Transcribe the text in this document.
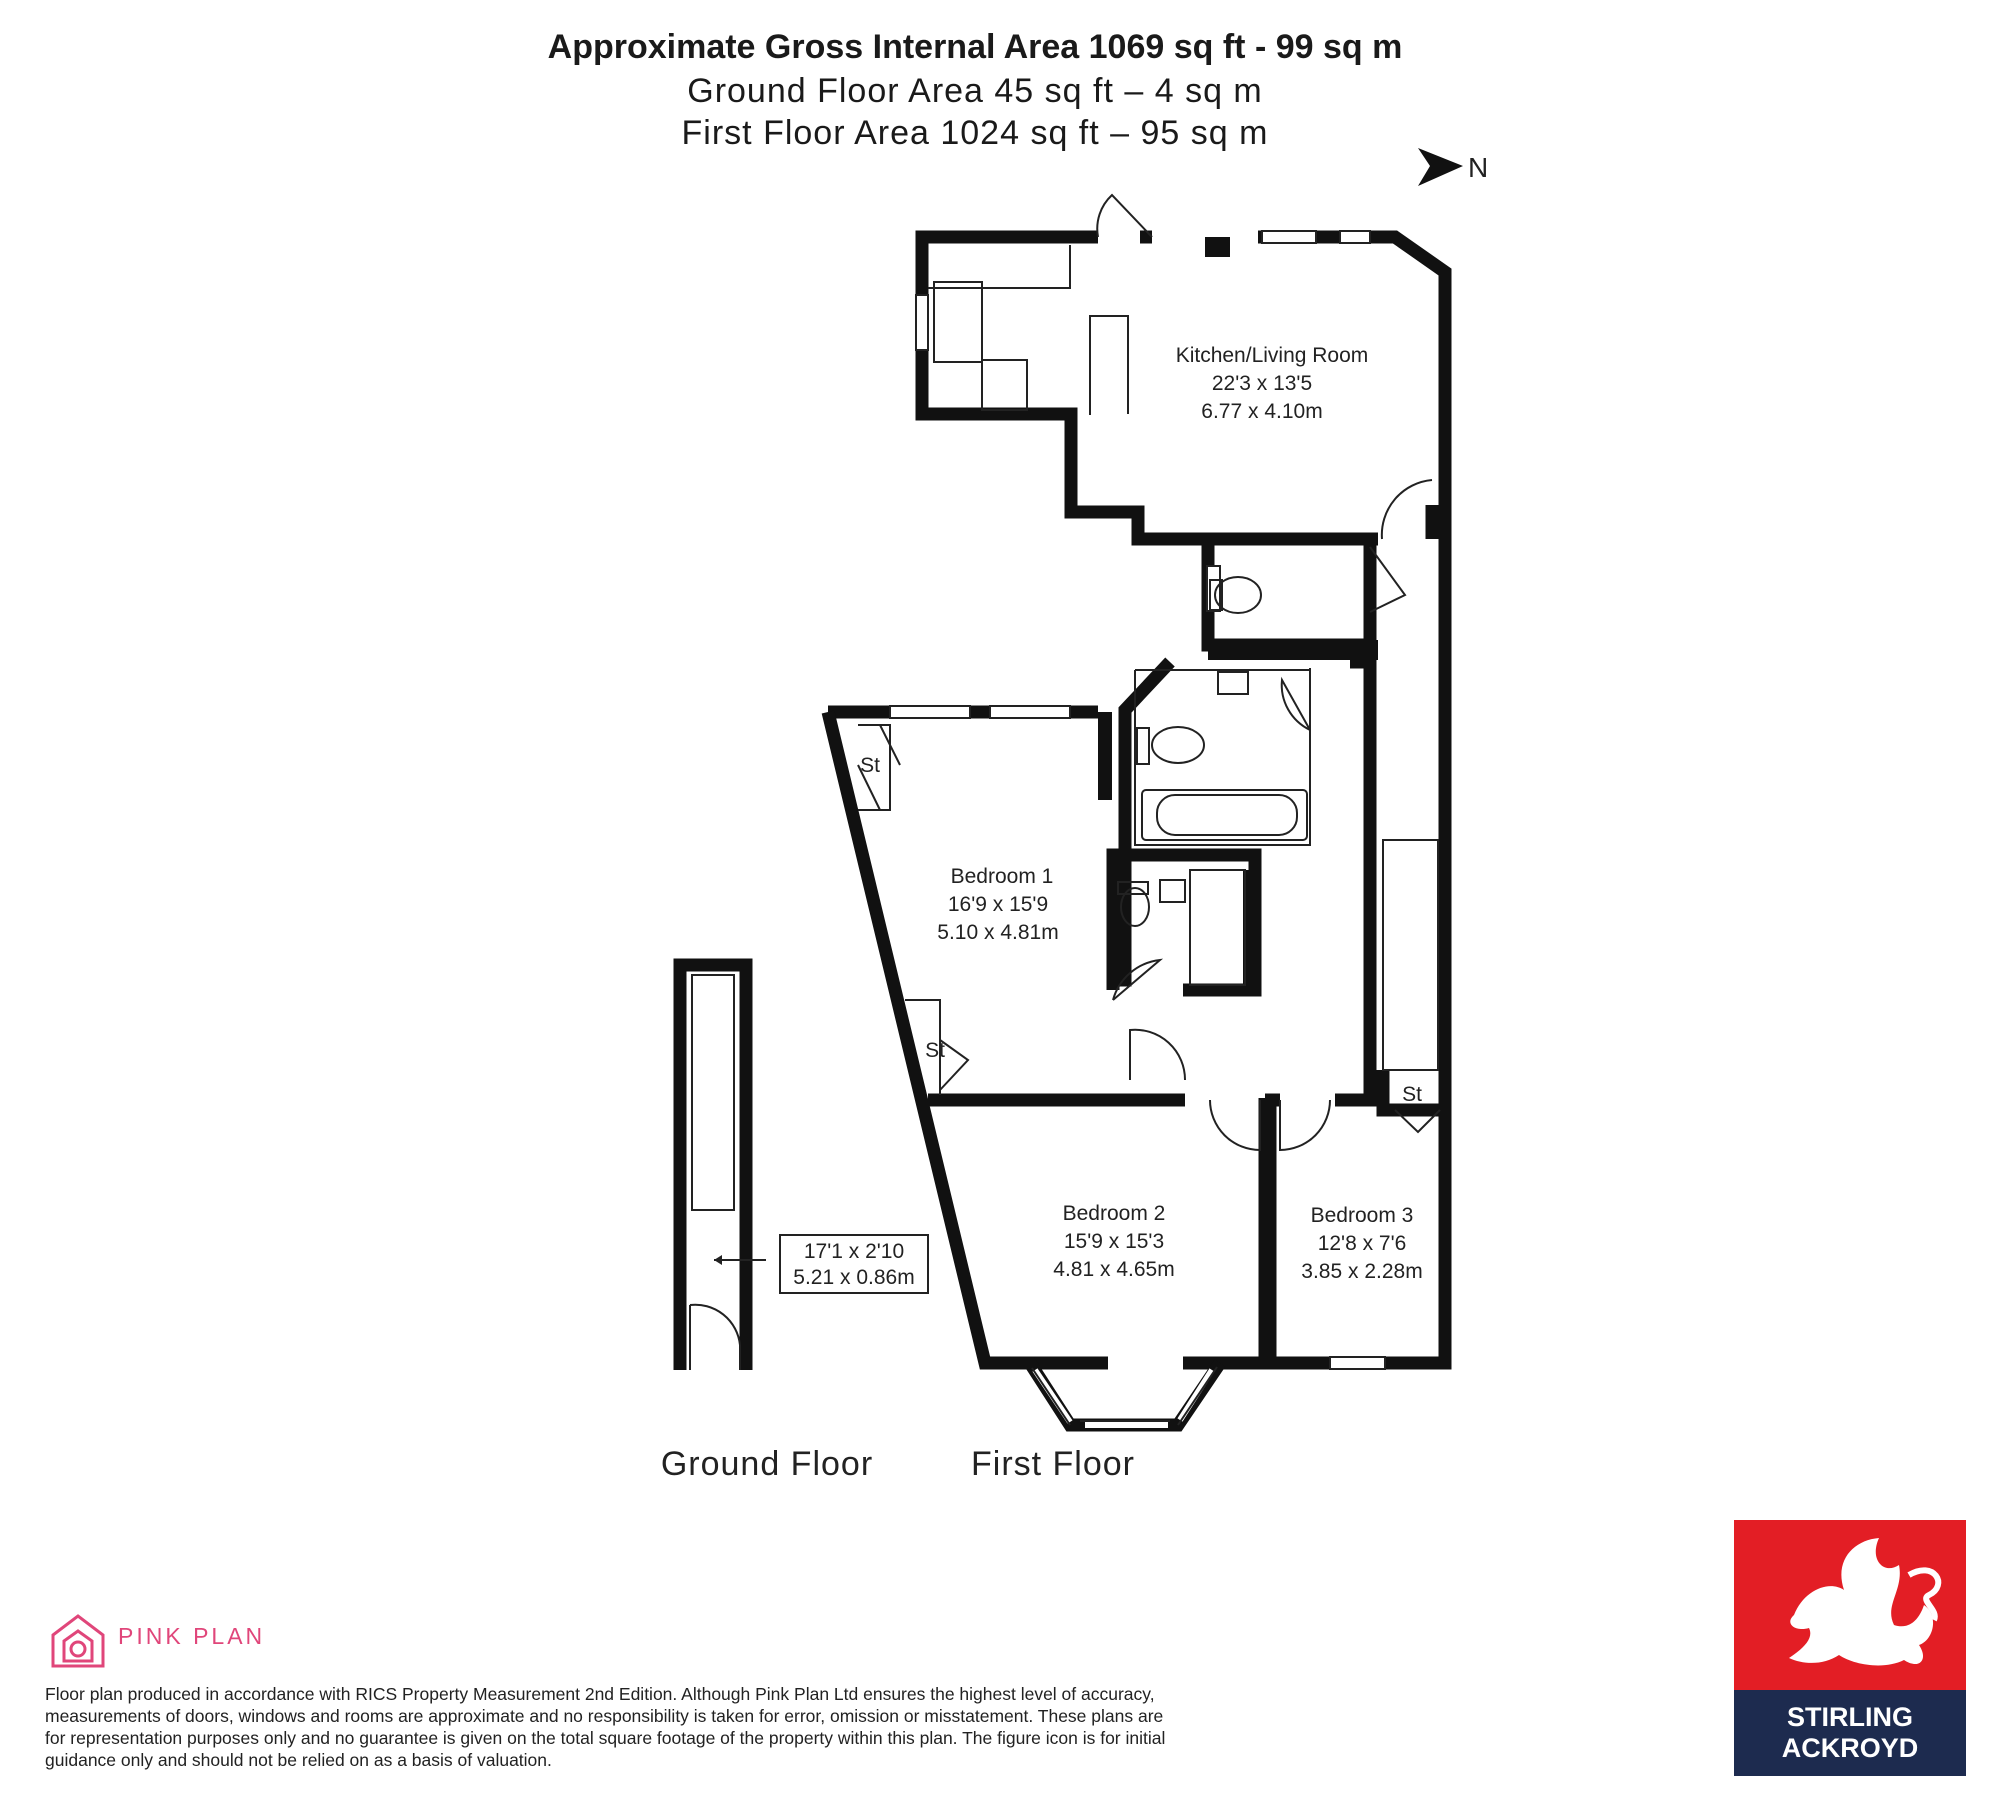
Approximate Gross Internal Area 1069 sq ft - 99 sq m
Ground Floor Area 45 sq ft – 4 sq m
First Floor Area 1024 sq ft – 95 sq m
N
Kitchen/Living Room
22'3 x 13'5
6.77 x 4.10m
Bedroom 1
16'9 x 15'9
5.10 x 4.81m
Bedroom 2
15'9 x 15'3
4.81 x 4.65m
Bedroom 3
12'8 x 7'6
3.85 x 2.28m
17'1 x 2'10
5.21 x 0.86m
St
St
St
Ground Floor	First Floor
PINK PLAN
Floor plan produced in accordance with RICS Property Measurement 2nd Edition. Although Pink Plan Ltd ensures the highest level of accuracy, measurements of doors, windows and rooms are approximate and no responsibility is taken for error, omission or misstatement. These plans are for representation purposes only and no guarantee is given on the total square footage of the property within this plan. The figure icon is for initial guidance only and should not be relied on as a basis of valuation.
STIRLING
ACKROYD
